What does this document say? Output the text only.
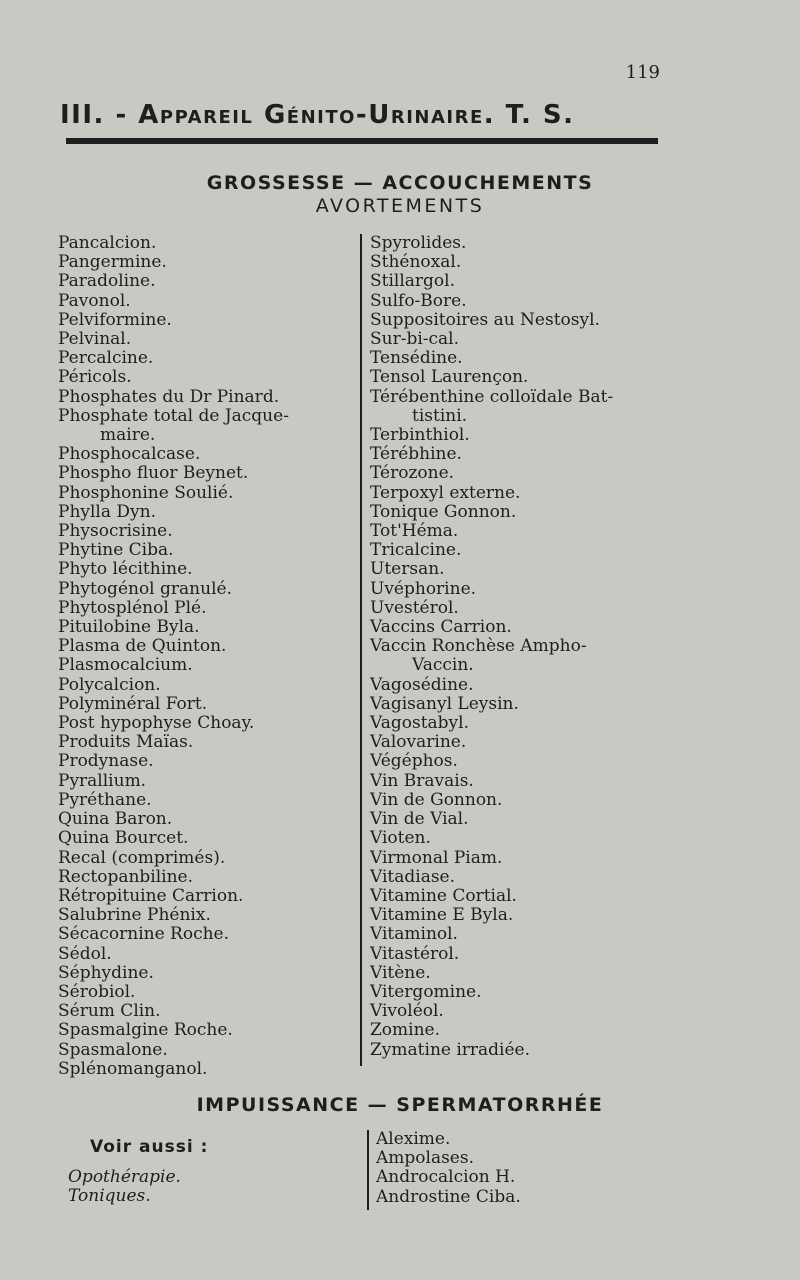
119
III. - Appareil Génito-Urinaire. T. S.
GROSSESSE — ACCOUCHEMENTS
AVORTEMENTS
Pancalcion.
Pangermine.
Paradoline.
Pavonol.
Pelviformine.
Pelvinal.
Percalcine.
Péricols.
Phosphates du Dr Pinard.
Phosphate total de Jacque-
maire.
Phosphocalcase.
Phospho fluor Beynet.
Phosphonine Soulié.
Phylla Dyn.
Physocrisine.
Phytine Ciba.
Phyto lécithine.
Phytogénol granulé.
Phytosplénol Plé.
Pituilobine Byla.
Plasma de Quinton.
Plasmocalcium.
Polycalcion.
Polyminéral Fort.
Post hypophyse Choay.
Produits Maïas.
Prodynase.
Pyrallium.
Pyréthane.
Quina Baron.
Quina Bourcet.
Recal (comprimés).
Rectopanbiline.
Rétropituine Carrion.
Salubrine Phénix.
Sécacornine Roche.
Sédol.
Séphydine.
Sérobiol.
Sérum Clin.
Spasmalgine Roche.
Spasmalone.
Splénomanganol.
Spyrolides.
Sthénoxal.
Stillargol.
Sulfo-Bore.
Suppositoires au Nestosyl.
Sur-bi-cal.
Tensédine.
Tensol Laurençon.
Térébenthine colloïdale Bat-
tistini.
Terbinthiol.
Térébhine.
Térozone.
Terpoxyl externe.
Tonique Gonnon.
Tot'Héma.
Tricalcine.
Utersan.
Uvéphorine.
Uvestérol.
Vaccins Carrion.
Vaccin Ronchèse Ampho-
Vaccin.
Vagosédine.
Vagisanyl Leysin.
Vagostabyl.
Valovarine.
Végéphos.
Vin Bravais.
Vin de Gonnon.
Vin de Vial.
Vioten.
Virmonal Piam.
Vitadiase.
Vitamine Cortial.
Vitamine E Byla.
Vitaminol.
Vitastérol.
Vitène.
Vitergomine.
Vivoléol.
Zomine.
Zymatine irradiée.
IMPUISSANCE — SPERMATORRHÉE
Voir aussi :
Opothérapie.
Toniques.
Alexime.
Ampolases.
Androcalcion H.
Androstine Ciba.
